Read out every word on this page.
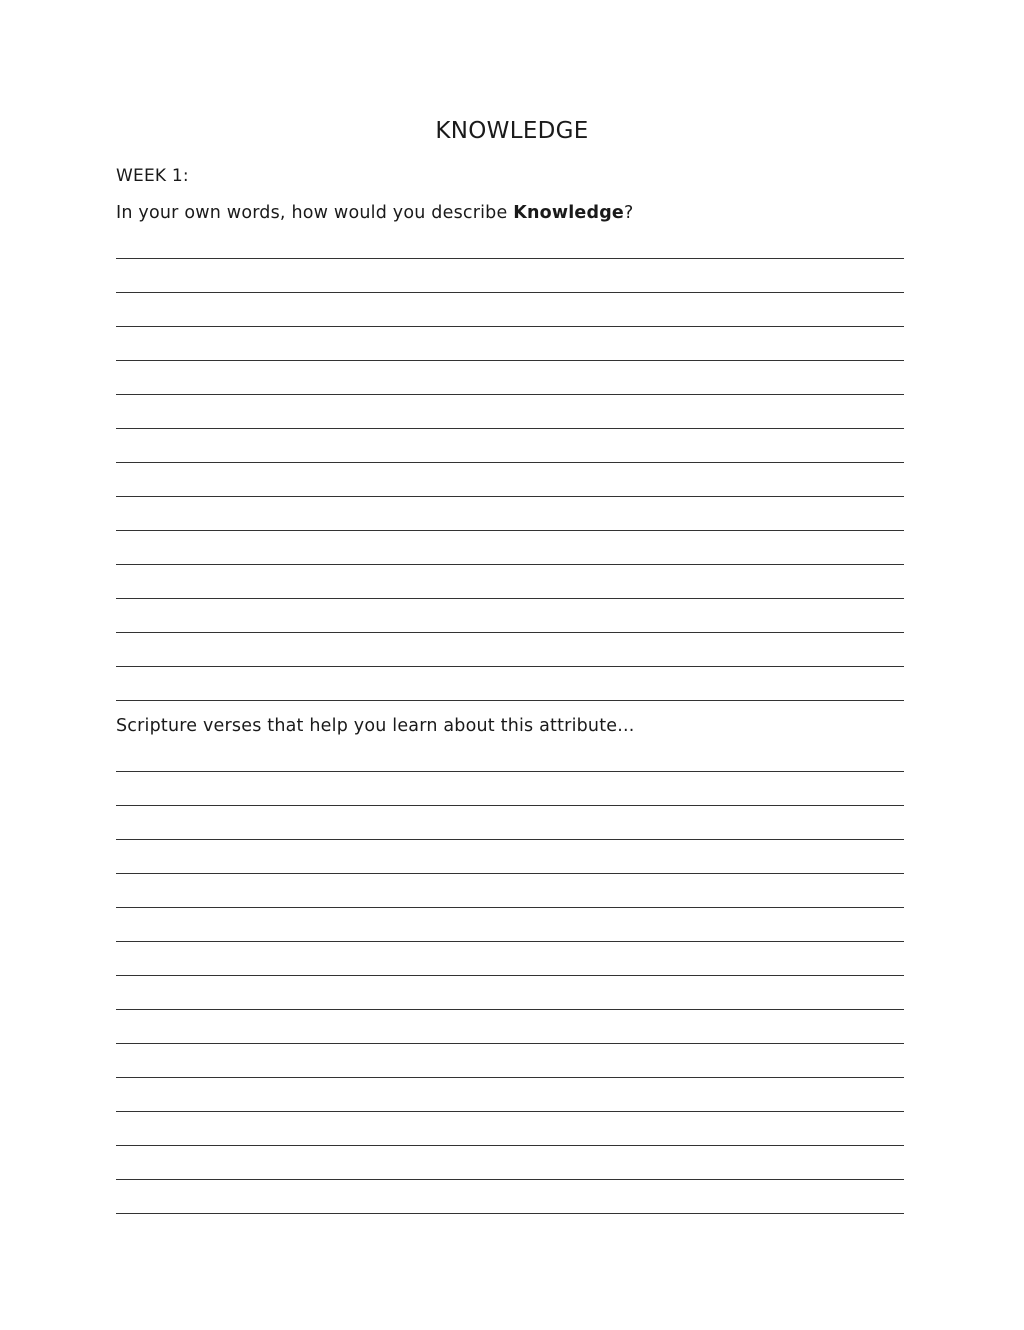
KNOWLEDGE
WEEK 1:
In your own words, how would you describe Knowledge?
Scripture verses that help you learn about this attribute...
